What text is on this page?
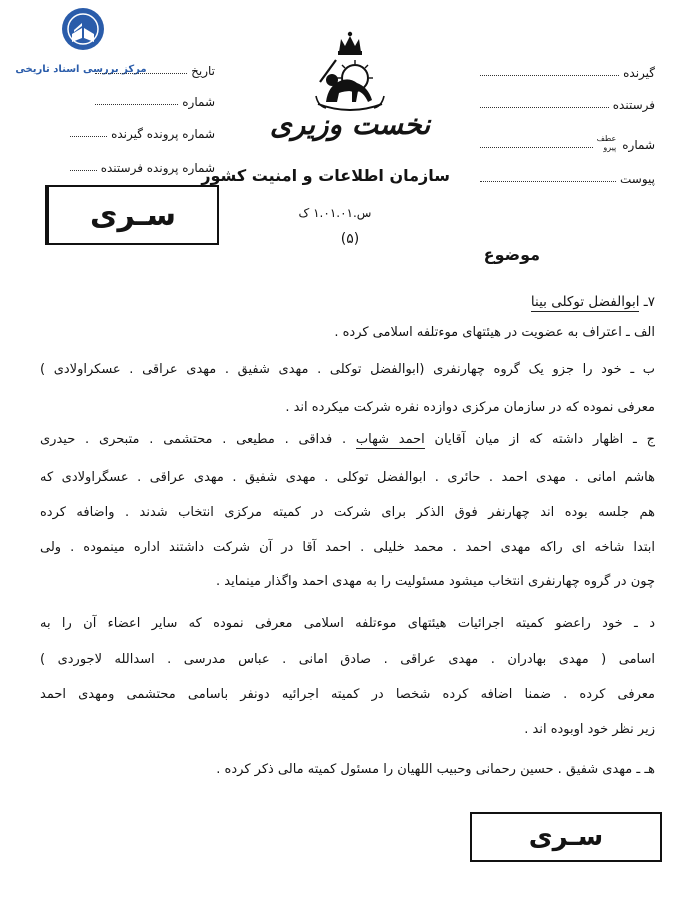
مرکز بررسی اسناد تاریخی	تاریخ
شماره
شماره پرونده گیرنده
شماره پرونده فرستنده
سـری
نخست وزیری
سازمان اطلاعات و امنیت کشور
س.۱.۰۱.۰۱ ک
(۵)
گیرنده
فرستنده
شماره
عطف
پیرو
پیوست
موضوع
۷ـ ابوالفضل توکلی بینا
الف ـ اعتراف به عضویت در هیئتهای موءتلفه اسلامی کرده .
ب ـ خود را جزو یک گروه چهارنفری (ابوالفضل توکلی . مهدی شفیق . مهدی عراقی . عسکراولادی )
معرفی نموده که در سازمان مرکزی دوازده نفره شرکت میکرده اند .
ج ـ اظهار داشته که از میان آقایان احمد شهاب . فداقی . مطیعی . محتشمی . متبحری . حیدری
هاشم امانی . مهدی احمد . حائری . ابوالفضل توکلی . مهدی شفیق . مهدی عراقی . عسگراولادی که
هم جلسه بوده اند چهارنفر فوق الذکر برای شرکت در کمیته مرکزی انتخاب شدند . واضافه کرده
ابتدا شاخه ای راکه مهدی احمد . محمد خلیلی . احمد آقا در آن شرکت داشتند اداره مینموده . ولی
چون در گروه چهارنفری انتخاب میشود مسئولیت را به مهدی احمد واگذار مینماید .
د ـ خود راعضو کمیته اجرائیات هیئتهای موءتلفه اسلامی معرفی نموده که سایر اعضاء آن را به
اسامی ( مهدی بهادران . مهدی عراقی . صادق امانی . عباس مدرسی . اسدالله لاجوردی )
معرفی کرده . ضمنا اضافه کرده شخصا در کمیته اجرائیه دونفر باسامی محتشمی ومهدی احمد
زیر نظر خود اوبوده اند .
هـ ـ مهدی شفیق . حسین رحمانی وحبیب اللهیان را مسئول کمیته مالی ذکر کرده .
سـری
